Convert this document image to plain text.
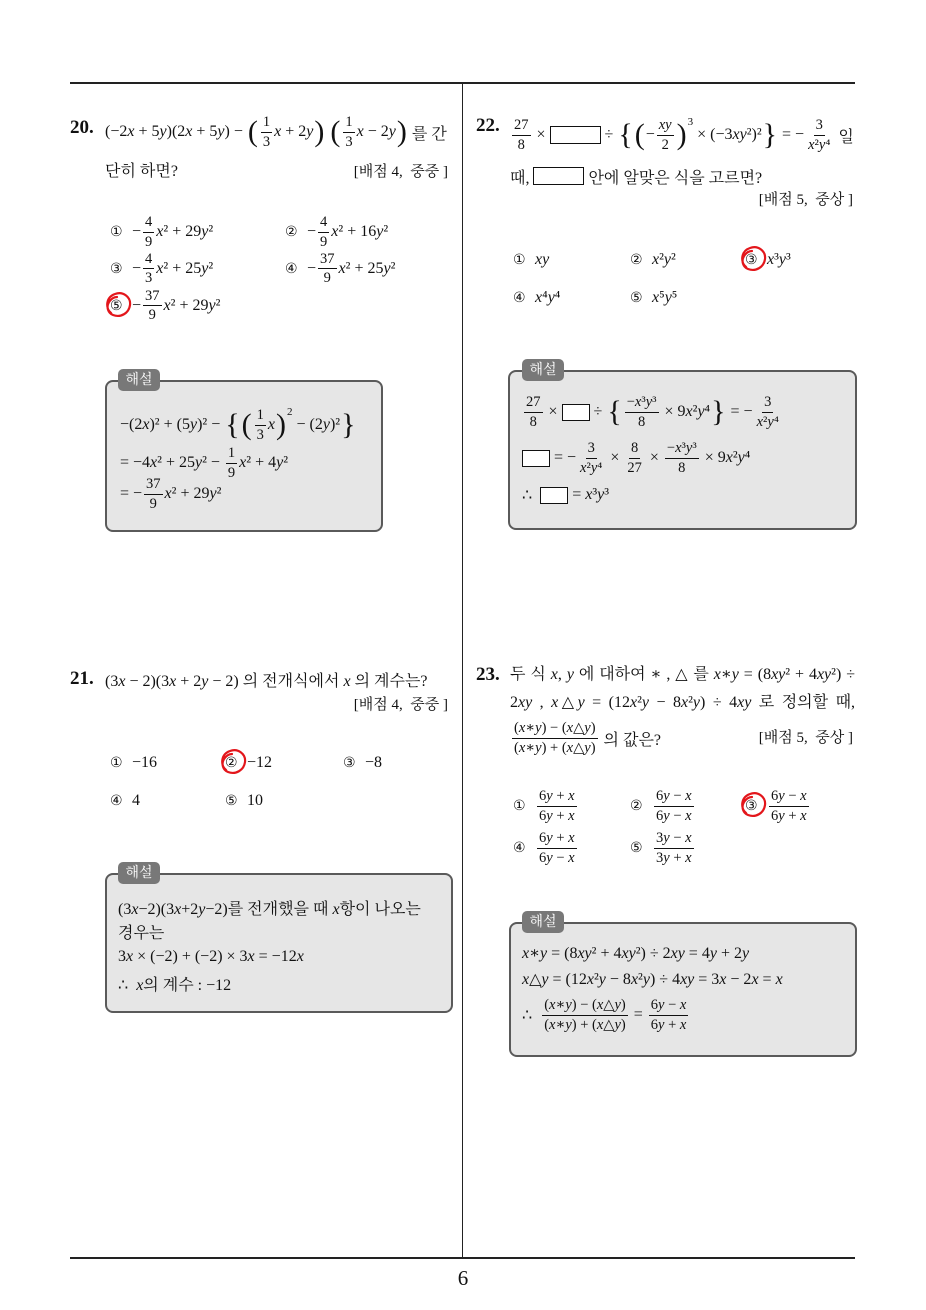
20. (−2x + 5y)(2x + 5y) − ( $\frac{1}{3}$ x + 2y )
( $\frac{1}{3}$ x − 2y ) 를 간
단히 하면?	[배점 4,  중중 ]
① − $\frac{4}{9} x^2 + 29y^2$	② − $\frac{4}{9} x^2 + 16y^2$
③ − $\frac{4}{3} x^2 + 25y^2$	④ − $\frac{37}{9} x^2 + 25y^2$
⑤ − $\frac{37}{9} x^2 + 29y^2$
해설
−(2x)² + (5y)² − { ( $\frac{1}{3}$ x ) 2
− (2y)² }
= $-4x^2 + 25y^2 - \frac{1}{9} x^2 + 4y^2$
= − $\frac{37}{9} x^2 + 29y^2$
21. (3x − 2)(3x + 2y − 2) 의 전개식에서 x 의 계수는?
[배점 4,  중중 ]
① −16	② −12	③ −8
④ 4	⑤ 10
해설
(3x−2)(3x+2y−2)를 전개했을 때 x항이 나오는
경우는
3x × (−2) + (−2) × 3x = −12x
∴  x의 계수 : −12
22. $\frac{27}{8}$ ×	÷ { ( − $\frac{xy}{2}$ ) 3
× (−3xy²)² } = − $\frac{3}{\text{x²y⁴}}$ 일
때,	안에 알맞은 식을 고르면?
[배점 5,  중상 ]
① xy	② x²y²	③ x³y³
④ x⁴y⁴	⑤ x⁵y⁵
해설
$\frac{27}{8}$ × ÷ { $\frac{\text{−x³y³}}{8} \times 9x^2y^4$ } = − $\frac{3}{\text{x²y⁴}}$
= − $\frac{3}{\text{x²y⁴}} \times \frac{8}{27} \times \frac{\text{−x³y³}}{8} \times 9x^2y^4$
∴ = x³y³
23. 두 식 x, y 에 대하여 ∗ , △ 를 x∗y = (8xy² + 4xy²) ÷
2xy , x△y = (12x²y − 8x²y) ÷ 4xy 로 정의할 때,
$\frac{(x∗y) - (x\triangle y)}{(x∗y) + (x\triangle y)}$ 의 값은?	[배점 5,  중상 ]
① $\frac{6y + x}{6y + x}$	② $\frac{6y - x}{6y - x}$	③ $\frac{6y - x}{6y + x}$
④ $\frac{6y + x}{6y - x}$	⑤ $\frac{3y - x}{3y + x}$
해설
x∗y = (8xy² + 4xy²) ÷ 2xy = 4y + 2y
x△y = (12x²y − 8x²y) ÷ 4xy = 3x − 2x = x
∴ $\frac{(x∗y) - (x\triangle y)}{(x∗y) + (x\triangle y)} = \frac{6y - x}{6y + x}$
6
